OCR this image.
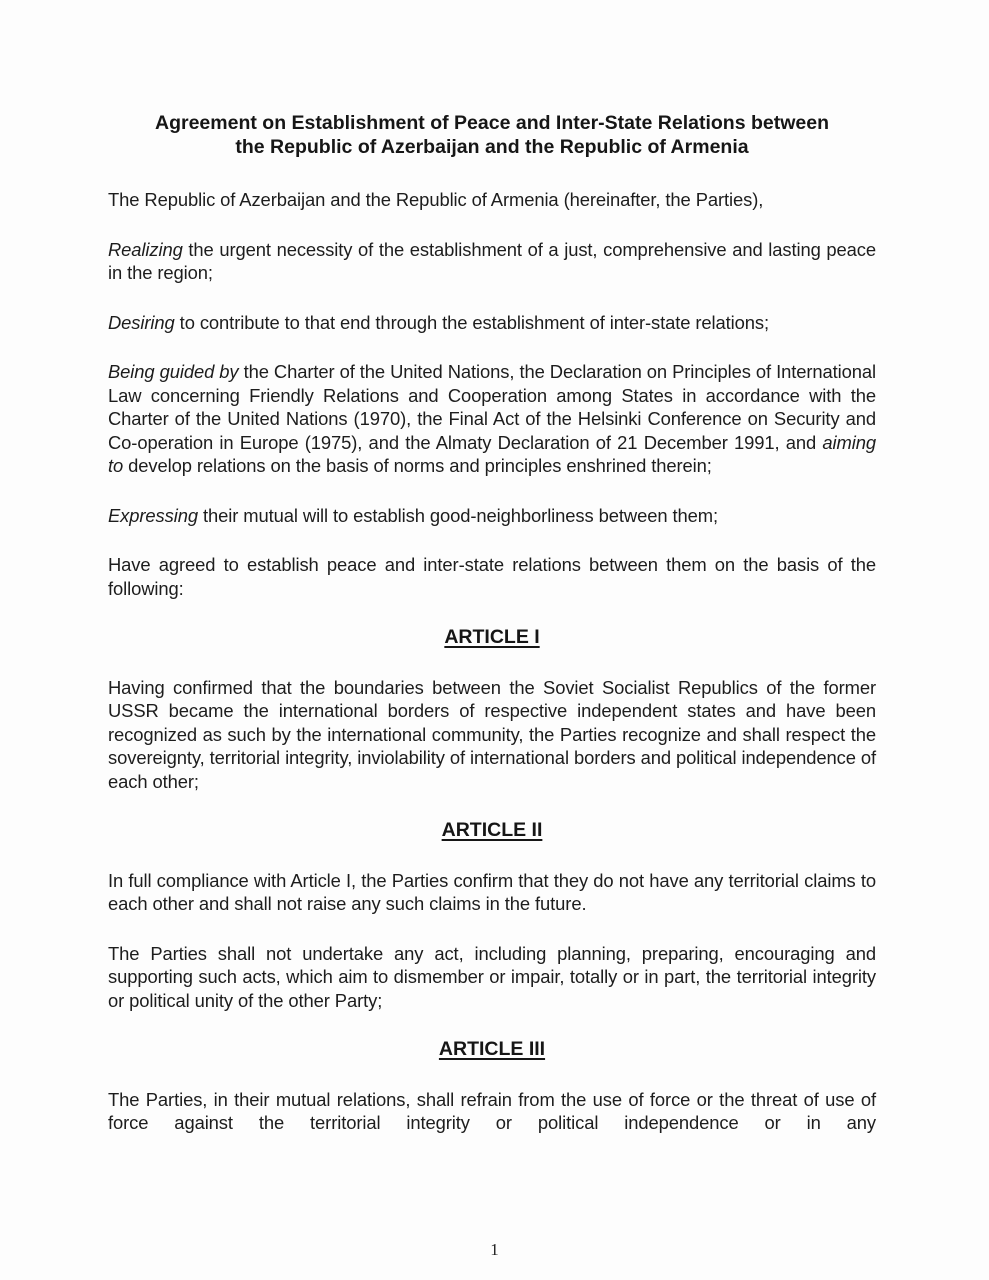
Agreement on Establishment of Peace and Inter-State Relations between
the Republic of Azerbaijan and the Republic of Armenia

The Republic of Azerbaijan and the Republic of Armenia (hereinafter, the Parties),

Realizing the urgent necessity of the establishment of a just, comprehensive and lasting peace in the region;

Desiring to contribute to that end through the establishment of inter-state relations;

Being guided by the Charter of the United Nations, the Declaration on Principles of International Law concerning Friendly Relations and Cooperation among States in accordance with the Charter of the United Nations (1970), the Final Act of the Helsinki Conference on Security and Co-operation in Europe (1975), and the Almaty Declaration of 21 December 1991, and aiming to develop relations on the basis of norms and principles enshrined therein;

Expressing their mutual will to establish good-neighborliness between them;

Have agreed to establish peace and inter-state relations between them on the basis of the following:

ARTICLE I

Having confirmed that the boundaries between the Soviet Socialist Republics of the former USSR became the international borders of respective independent states and have been recognized as such by the international community, the Parties recognize and shall respect the sovereignty, territorial integrity, inviolability of international borders and political independence of each other;

ARTICLE II

In full compliance with Article I, the Parties confirm that they do not have any territorial claims to each other and shall not raise any such claims in the future.

The Parties shall not undertake any act, including planning, preparing, encouraging and supporting such acts, which aim to dismember or impair, totally or in part, the territorial integrity or political unity of the other Party;

ARTICLE III

The Parties, in their mutual relations, shall refrain from the use of force or the threat of use of force against the territorial integrity or political independence or in any

1
